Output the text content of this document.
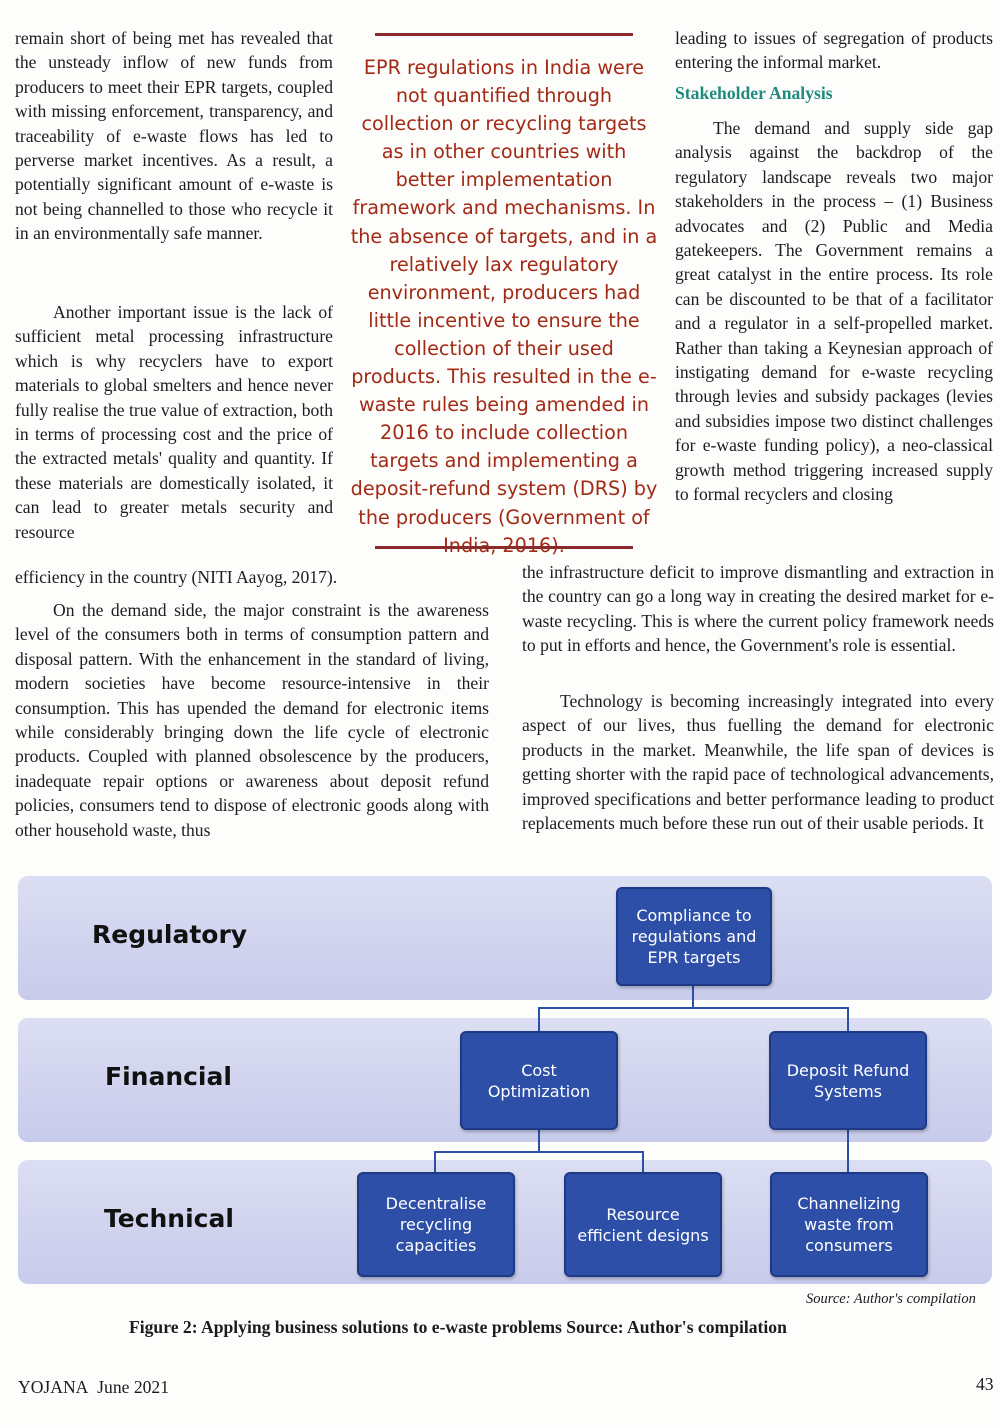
remain short of being met has revealed that the unsteady inflow of new funds from producers to meet their EPR targets, coupled with missing enforcement, transparency, and traceability of e-waste flows has led to perverse market incentives. As a result, a potentially significant amount of e-waste is not being channelled to those who recycle it in an environmentally safe manner.

Another important issue is the lack of sufficient metal processing infrastructure which is why recyclers have to export materials to global smelters and hence never fully realise the true value of extraction, both in terms of processing cost and the price of the extracted metals' quality and quantity. If these materials are domestically isolated, it can lead to greater metals security and resource

efficiency in the country (NITI Aayog, 2017).

On the demand side, the major constraint is the awareness level of the consumers both in terms of consumption pattern and disposal pattern. With the enhancement in the standard of living, modern societies have become resource-intensive in their consumption. This has upended the demand for electronic items while considerably bringing down the life cycle of electronic products. Coupled with planned obsolescence by the producers, inadequate repair options or awareness about deposit refund policies, consumers tend to dispose of electronic goods along with other household waste, thus

EPR regulations in India were not quantified through collection or recycling targets as in other countries with better implementation framework and mechanisms. In the absence of targets, and in a relatively lax regulatory environment, producers had little incentive to ensure the collection of their used products. This resulted in the e-waste rules being amended in 2016 to include collection targets and implementing a deposit-refund system (DRS) by the producers (Government of

leading to issues of segregation of products entering the informal market.

Stakeholder Analysis

The demand and supply side gap analysis against the backdrop of the regulatory landscape reveals two major stakeholders in the process – (1) Business advocates and (2) Public and Media gatekeepers. The Government remains a great catalyst in the entire process. Its role can be discounted to be that of a facilitator and a regulator in a self-propelled market. Rather than taking a Keynesian approach of instigating demand for e-waste recycling through levies and subsidy packages (levies and subsidies impose two distinct challenges for e-waste funding policy), a neo-classical growth method triggering increased supply to formal recyclers and closing

the infrastructure deficit to improve dismantling and extraction in the country can go a long way in creating the desired market for e-waste recycling. This is where the current policy framework needs to put in efforts and hence, the Government's role is essential.

Technology is becoming increasingly integrated into every aspect of our lives, thus fuelling the demand for electronic products in the market. Meanwhile, the life span of devices is getting shorter with the rapid pace of technological advancements, improved specifications and better performance leading to product replacements much before these run out of their usable periods. It

Regulatory
Financial
Technical
Compliance to regulations and EPR targets
Cost Optimization
Deposit Refund Systems
Decentralise recycling capacities
Resource efficient designs
Channelizing waste from consumers
Source: Author's compilation
Figure 2: Applying business solutions to e-waste problems Source: Author's compilation
YOJANA June 2021	43
